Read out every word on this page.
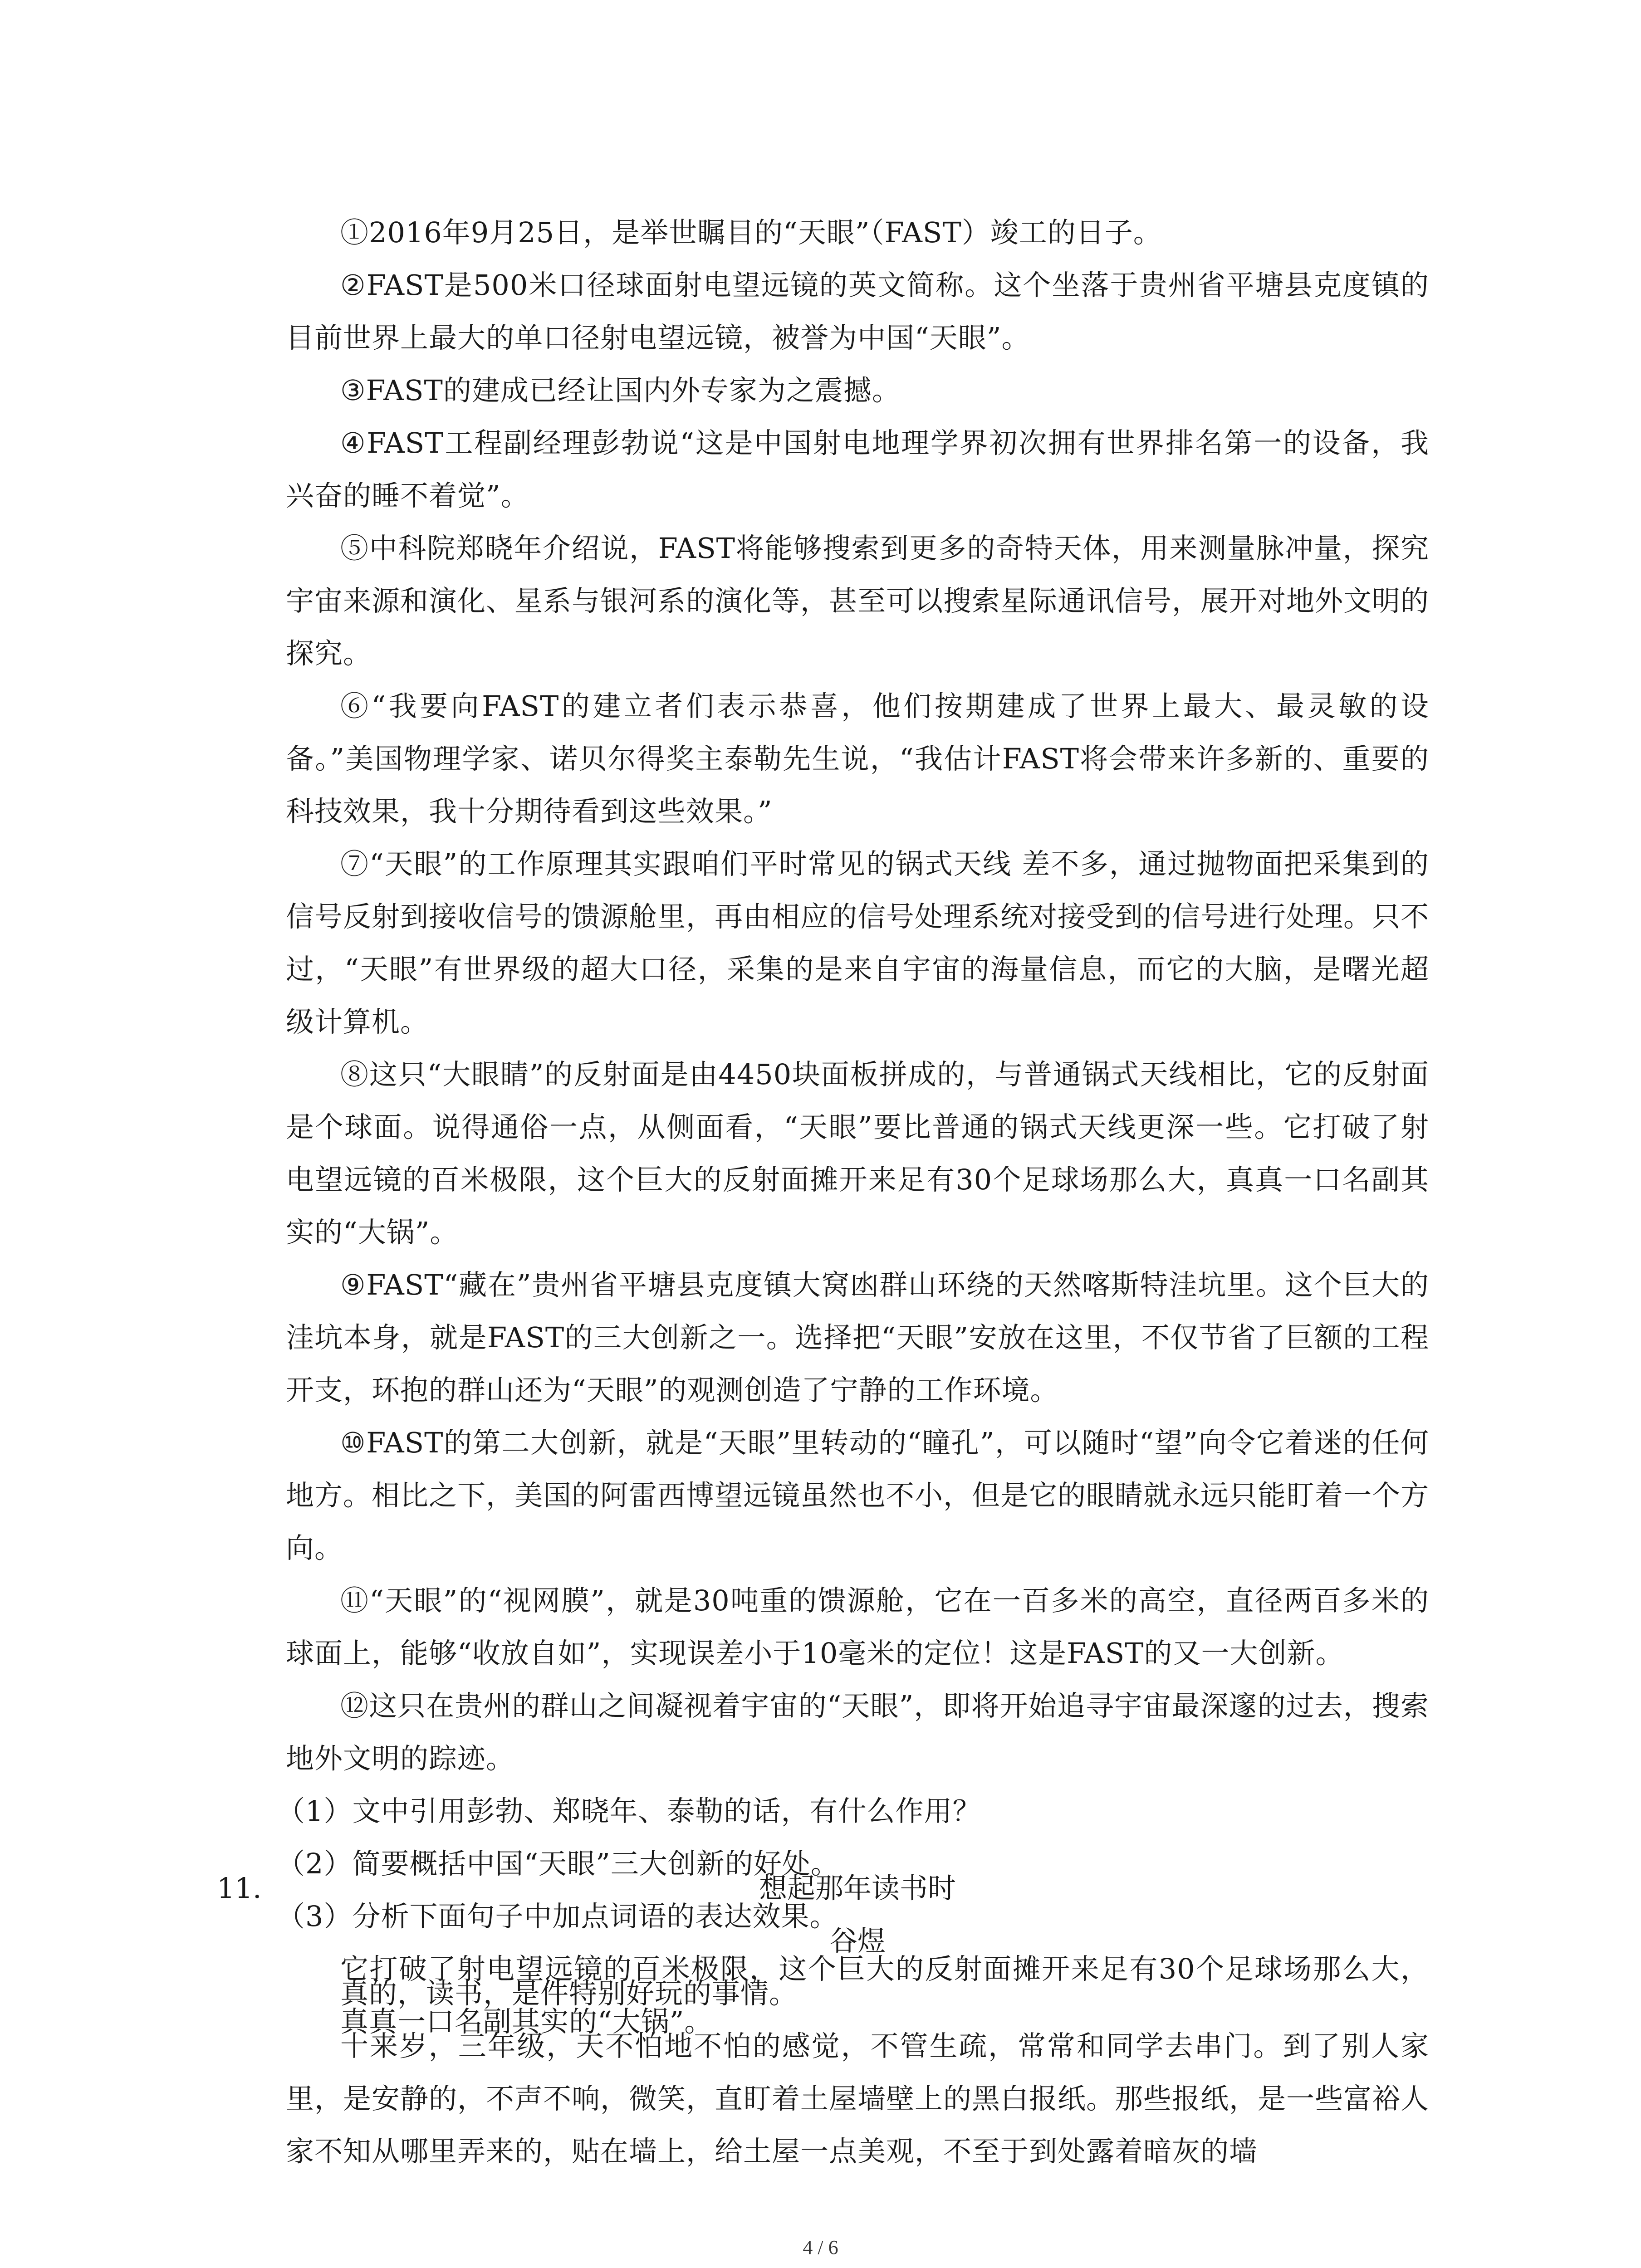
①2016年9月25日，是举世瞩目的“天眼”（FAST）竣工的日子。

②FAST是500米口径球面射电望远镜的英文简称。这个坐落于贵州省平塘县克度镇的目前世界上最大的单口径射电望远镜，被誉为中国“天眼”。

③FAST的建成已经让国内外专家为之震撼。

④FAST工程副经理彭勃说“这是中国射电地理学界初次拥有世界排名第一的设备，我兴奋的睡不着觉”。

⑤中科院郑晓年介绍说，FAST将能够搜索到更多的奇特天体，用来测量脉冲量，探究宇宙来源和演化、星系与银河系的演化等，甚至可以搜索星际通讯信号，展开对地外文明的探究。

⑥“我要向FAST的建立者们表示恭喜，他们按期建成了世界上最大、最灵敏的设备。”美国物理学家、诺贝尔得奖主泰勒先生说，“我估计FAST将会带来许多新的、重要的科技效果，我十分期待看到这些效果。”

⑦“天眼”的工作原理其实跟咱们平时常见的锅式天线 差不多，通过抛物面把采集到的信号反射到接收信号的馈源舱里，再由相应的信号处理系统对接受到的信号进行处理。只不过，“天眼”有世界级的超大口径，采集的是来自宇宙的海量信息，而它的大脑，是曙光超级计算机。

⑧这只“大眼睛”的反射面是由4450块面板拼成的，与普通锅式天线相比，它的反射面是个球面。说得通俗一点，从侧面看，“天眼”要比普通的锅式天线更深一些。它打破了射电望远镜的百米极限，这个巨大的反射面摊开来足有30个足球场那么大，真真一口名副其实的“大锅”。

⑨FAST“藏在”贵州省平塘县克度镇大窝凼群山环绕的天然喀斯特洼坑里。这个巨大的洼坑本身，就是FAST的三大创新之一。选择把“天眼”安放在这里，不仅节省了巨额的工程开支，环抱的群山还为“天眼”的观测创造了宁静的工作环境。

⑩FAST的第二大创新，就是“天眼”里转动的“瞳孔”，可以随时“望”向令它着迷的任何地方。相比之下，美国的阿雷西博望远镜虽然也不小，但是它的眼睛就永远只能盯着一个方向。

⑪“天眼”的“视网膜”，就是30吨重的馈源舱，它在一百多米的高空，直径两百多米的球面上，能够“收放自如”，实现误差小于10毫米的定位！这是FAST的又一大创新。

⑫这只在贵州的群山之间凝视着宇宙的“天眼”，即将开始追寻宇宙最深邃的过去，搜索地外文明的踪迹。

（1）文中引用彭勃、郑晓年、泰勒的话，有什么作用？

（2）简要概括中国“天眼”三大创新的好处。

（3）分析下面句子中加点词语的表达效果。

它打破了射电望远镜的百米极限，这个巨大的反射面摊开来足有30个足球场那么大，真真一口名副其实的“大锅”。

11.	想起那年读书时
谷煜

真的，读书，是件特别好玩的事情。

十来岁，三年级，天不怕地不怕的感觉，不管生疏，常常和同学去串门。到了别人家里，是安静的，不声不响，微笑，直盯着土屋墙壁上的黑白报纸。那些报纸，是一些富裕人家不知从哪里弄来的，贴在墙上，给土屋一点美观，不至于到处露着暗灰的墙

4 / 6
